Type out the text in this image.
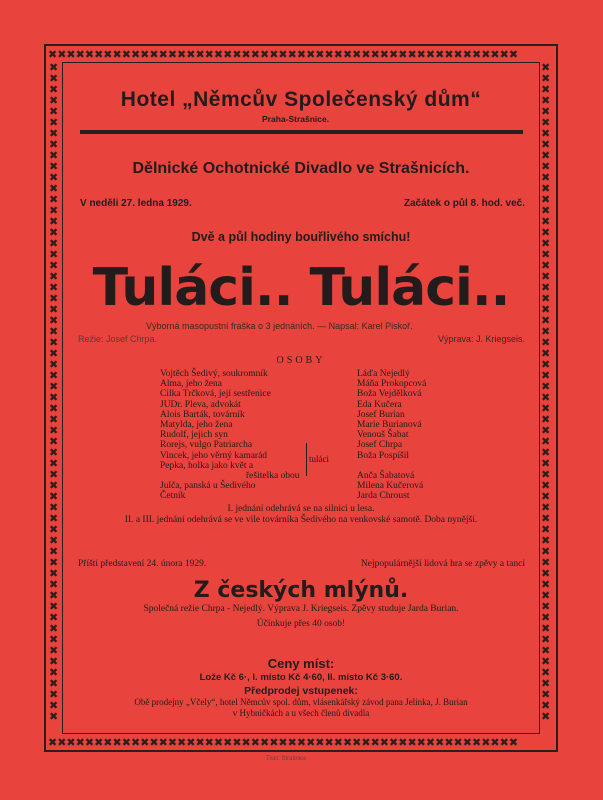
✖✖✖✖✖✖✖✖✖✖✖✖✖✖✖✖✖✖✖✖✖✖✖✖✖✖✖✖✖✖✖✖✖✖✖✖✖✖✖✖✖✖✖✖✖✖✖✖✖✖✖
✖✖✖✖✖✖✖✖✖✖✖✖✖✖✖✖✖✖✖✖✖✖✖✖✖✖✖✖✖✖✖✖✖✖✖✖✖✖✖✖✖✖✖✖✖✖✖✖✖✖✖
✖✖✖✖✖✖✖✖✖✖✖✖✖✖✖✖✖✖✖✖✖✖✖✖✖✖✖✖✖✖✖✖✖✖✖✖✖✖✖✖✖✖✖✖✖✖✖✖✖✖✖✖✖✖✖✖✖✖✖✖
✖✖✖✖✖✖✖✖✖✖✖✖✖✖✖✖✖✖✖✖✖✖✖✖✖✖✖✖✖✖✖✖✖✖✖✖✖✖✖✖✖✖✖✖✖✖✖✖✖✖✖✖✖✖✖✖✖✖✖✖
Hotel „Němcův Společenský dům“
Praha-Strašnice.
Dělnické Ochotnické Divadlo ve Strašnicích.
V neděli 27. ledna 1929.	Začátek o půl 8. hod. več.
Dvě a půl hodiny bouřlivého smíchu!
Tuláci.. Tuláci..
Výborná masopustní fraška o 3 jednáních. — Napsal: Karel Piskoř.
Režie: Josef Chrpa.	Výprava: J. Kriegseis.
OSOBY
Vojtěch Šedivý, soukromník	Láďa Nejedlý
Alma, jeho žena	Máňa Prokopcová
Cilka Trčková, její sestřenice	Boža Vejdělková
JUDr. Pleva, advokát	Eda Kučera
Alois Barták, továrník	Josef Burian
Matylda, jeho žena	Marie Burianová
Rudolf, jejich syn	Venouš Šabat
Rorejs, vulgo Patriarcha	Josef Chrpa
Vincek, jeho věrný kamarád	Boža Pospíšil
Pepka, holka jako květ a
řešitelka obou	Anča Šabatová
Julča, panská u Šedivého	Milena Kučerová
Četník	Jarda Chroust
tuláci
I. jednání odehrává se na silnici u lesa.
II. a III. jednání odehrává se ve vile továrníka Šedivého na venkovské samotě. Doba nynější.
Příští představení 24. února 1929.	Nejpopulárnější lidová hra se zpěvy a tanci
Z českých mlýnů.
Společná režie Chrpa - Nejedlý. Výprava J. Kriegseis. Zpěvy studuje Jarda Burian.
Účinkuje přes 40 osob!
Ceny míst:
Lože Kč 6·, I. místo Kč 4·60, II. místo Kč 3·60.
Předprodej vstupenek:
Obě prodejny „Včely“, hotel Němcův spol. dům, vlásenkářský závod pana Jelínka, J. Burian
v Hybničkách a u všech členů divadla
Tiskl: Strašnice
